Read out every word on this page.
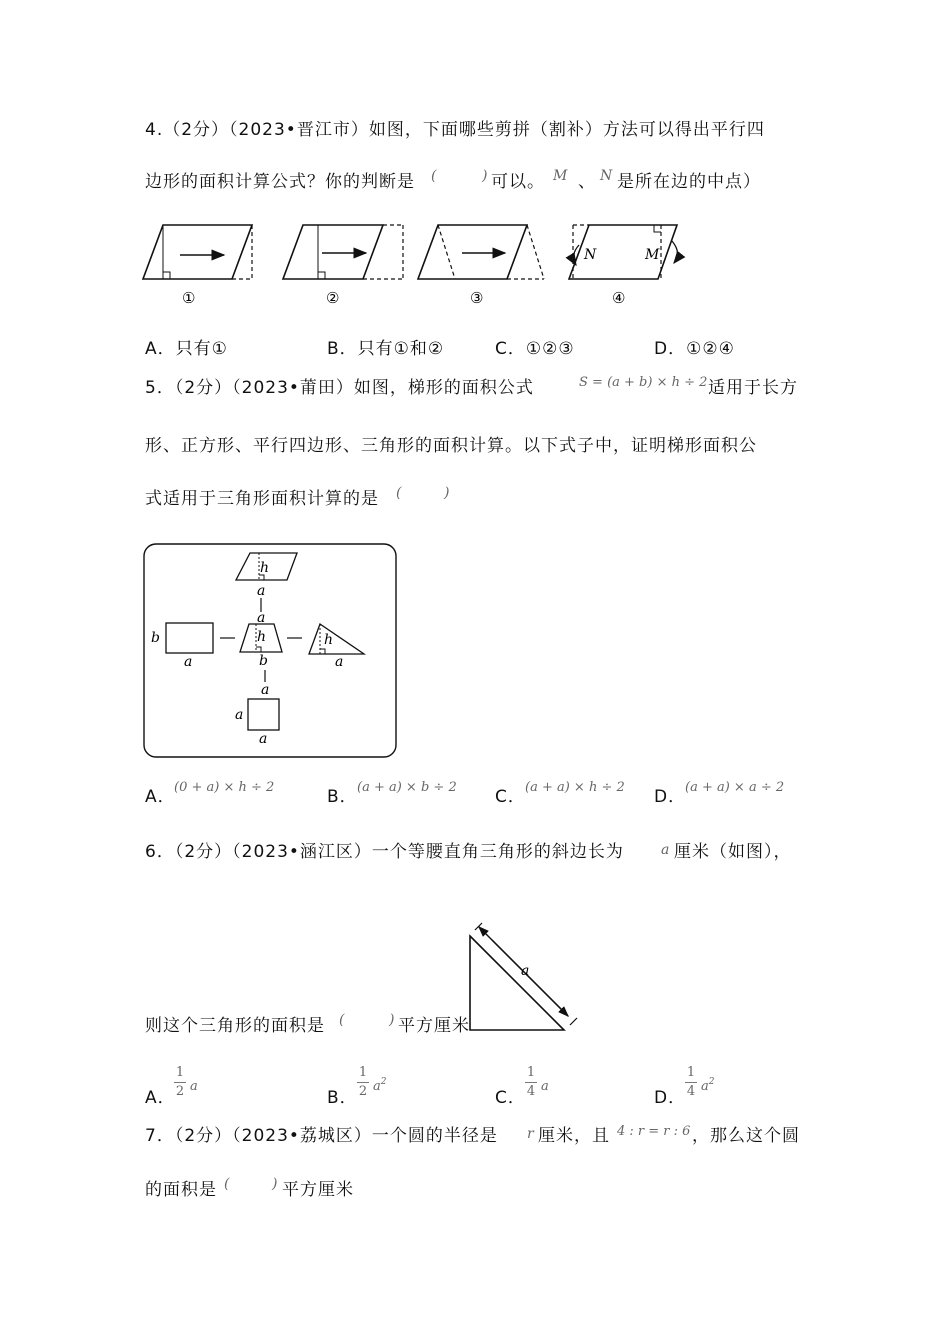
4.（2分）（2023•晋江市）如图，下面哪些剪拼（割补）方法可以得出平行四
边形的面积计算公式？你的判断是 (	) 可以。 M 、 N 是所在边的中点）
①	②	③
N	M
④
A．只有①	B．只有①和②	C．①②③	D．①②④
5．（2分）（2023•莆田）如图，梯形的面积公式	S = (a + b) × h ÷ 2 适用于长方
形、正方形、平行四边形、三角形的面积计算。以下式子中，证明梯形面积公
式适用于三角形面积计算的是 (	)
h
a
a
h
b
b
a
h
a
a
a
a
A．
(0 + a) × h ÷ 2	B． (a + a) × b ÷ 2 C． (a + a) × h ÷ 2 D．
(a + a) × a ÷ 2
6．（2分）（2023•涵江区）一个等腰直角三角形的斜边长为	a 厘米（如图），
a
则这个三角形的面积是 (	) 平方厘米
A．
1
2 a
B．
1
2 $a^2$
C．
1
4 a
D．
1
4 $a^2$
7．（2分）（2023•荔城区）一个圆的半径是 r 厘米，且 4 : r = r : 6 ，那么这个圆
的面积是 (	) 平方厘米
